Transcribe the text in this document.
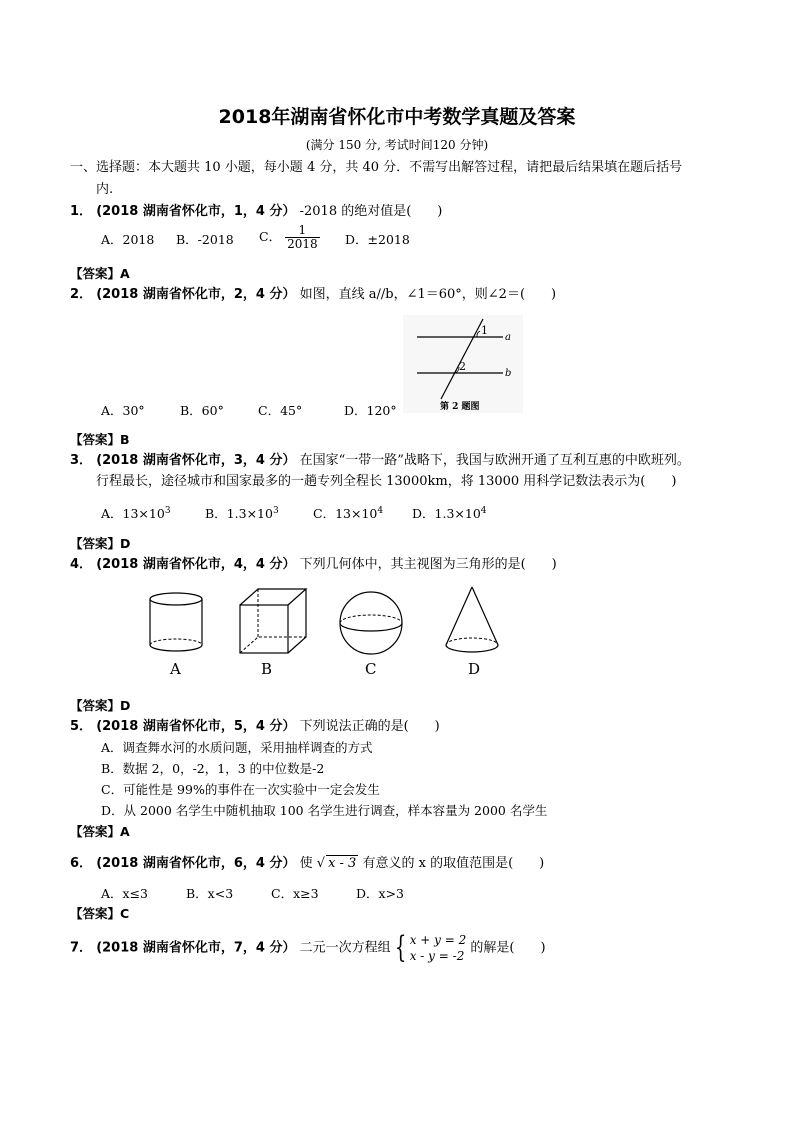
2018年湖南省怀化市中考数学真题及答案
(满分 150 分, 考试时间120 分钟)
一、选择题：本大题共 10 小题，每小题 4 分，共 40 分．不需写出解答过程，请把最后结果填在题后括号
内.
1． (2018 湖南省怀化市，1，4 分） -2018 的绝对值是(　　)
A．2018 B．-2018 C． $\frac{1}{2018}$ D．±2018
【答案】A
2． (2018 湖南省怀化市，2，4 分） 如图，直线 a//b，∠1＝60°，则∠2＝(　　)
A．30°	B．60°	C．45°	D．120°
1
2
a
b
第 2 题图
【答案】B
3． (2018 湖南省怀化市，3，4 分） 在国家“一带一路”战略下，我国与欧洲开通了互利互惠的中欧班列。
行程最长，途径城市和国家最多的一趟专列全程长 13000km，将 13000 用科学记数法表示为(　　)
A．$13\times 10^3$	B．$1.3\times 10^3$	C．$13\times 10^4$ D．$1.3\times 10^4$
【答案】D
4． (2018 湖南省怀化市，4，4 分） 下列几何体中，其主视图为三角形的是(　　)
A	B	C	D
【答案】D
5． (2018 湖南省怀化市，5，4 分） 下列说法正确的是(　　)
A．调查舞水河的水质问题，采用抽样调查的方式
B．数据 2，0，-2，1，3 的中位数是-2
C．可能性是 99%的事件在一次实验中一定会发生
D．从 2000 名学生中随机抽取 100 名学生进行调查，样本容量为 2000 名学生
【答案】A
6． (2018 湖南省怀化市，6，4 分） 使 √ x - 3 有意义的 x 的取值范围是(　　)
A．x≤3	B．x<3	C．x≥3	D．x>3
【答案】C
7． (2018 湖南省怀化市，7，4 分） 二元一次方程组 { x + y = 2
x - y = -2
的解是(　　)
